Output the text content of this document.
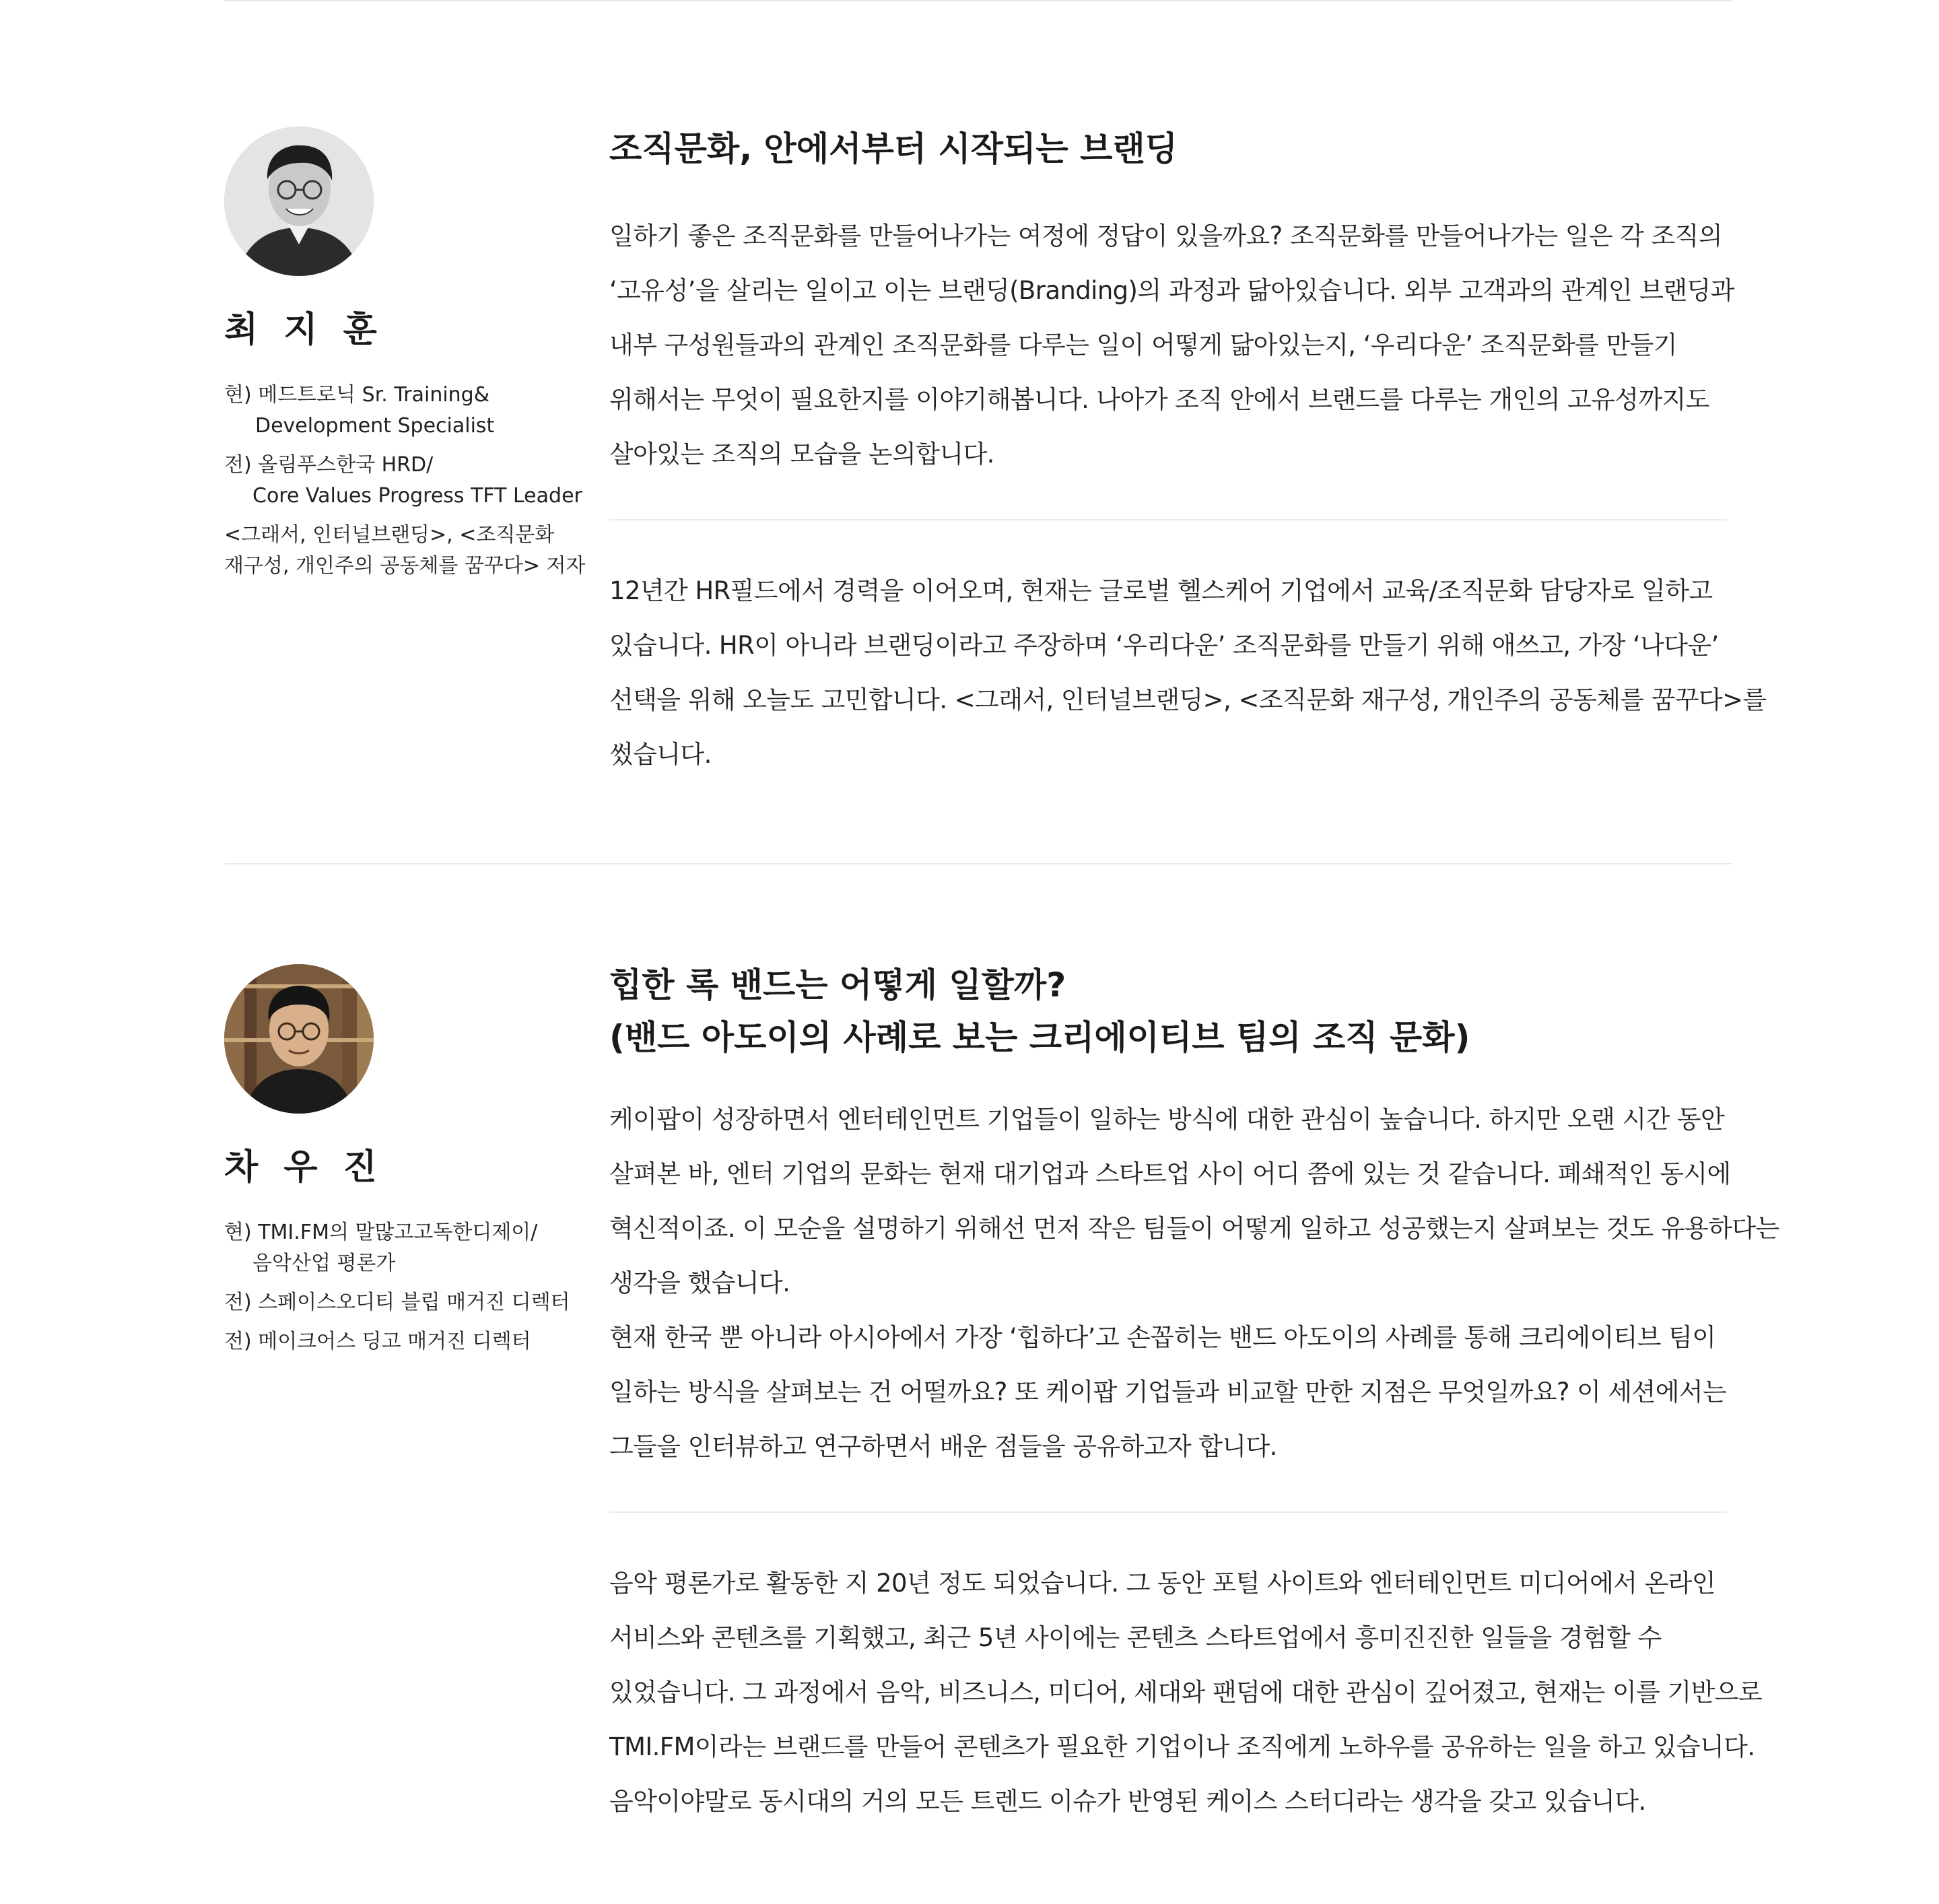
최 지 훈
현) 메드트로닉 Sr. Training&
Development Specialist
전) 올림푸스한국 HRD/
Core Values Progress TFT Leader
<그래서, 인터널브랜딩>, <조직문화
재구성, 개인주의 공동체를 꿈꾸다> 저자
조직문화, 안에서부터 시작되는 브랜딩
일하기 좋은 조직문화를 만들어나가는 여정에 정답이 있을까요? 조직문화를 만들어나가는 일은 각 조직의
‘고유성’을 살리는 일이고 이는 브랜딩(Branding)의 과정과 닮아있습니다. 외부 고객과의 관계인 브랜딩과
내부 구성원들과의 관계인 조직문화를 다루는 일이 어떻게 닮아있는지, ‘우리다운’ 조직문화를 만들기
위해서는 무엇이 필요한지를 이야기해봅니다. 나아가 조직 안에서 브랜드를 다루는 개인의 고유성까지도
살아있는 조직의 모습을 논의합니다.
12년간 HR필드에서 경력을 이어오며, 현재는 글로벌 헬스케어 기업에서 교육/조직문화 담당자로 일하고
있습니다. HR이 아니라 브랜딩이라고 주장하며 ‘우리다운’ 조직문화를 만들기 위해 애쓰고, 가장 ‘나다운’
선택을 위해 오늘도 고민합니다. <그래서, 인터널브랜딩>, <조직문화 재구성, 개인주의 공동체를 꿈꾸다>를
썼습니다.
차 우 진
현) TMI.FM의 말많고고독한디제이/
음악산업 평론가
전) 스페이스오디티 블립 매거진 디렉터
전) 메이크어스 딩고 매거진 디렉터
힙한 록 밴드는 어떻게 일할까?
(밴드 아도이의 사례로 보는 크리에이티브 팀의 조직 문화)
케이팝이 성장하면서 엔터테인먼트 기업들이 일하는 방식에 대한 관심이 높습니다. 하지만 오랜 시간 동안
살펴본 바, 엔터 기업의 문화는 현재 대기업과 스타트업 사이 어디 쯤에 있는 것 같습니다. 폐쇄적인 동시에
혁신적이죠. 이 모순을 설명하기 위해선 먼저 작은 팀들이 어떻게 일하고 성공했는지 살펴보는 것도 유용하다는
생각을 했습니다.
현재 한국 뿐 아니라 아시아에서 가장 ‘힙하다’고 손꼽히는 밴드 아도이의 사례를 통해 크리에이티브 팀이
일하는 방식을 살펴보는 건 어떨까요? 또 케이팝 기업들과 비교할 만한 지점은 무엇일까요? 이 세션에서는
그들을 인터뷰하고 연구하면서 배운 점들을 공유하고자 합니다.
음악 평론가로 활동한 지 20년 정도 되었습니다. 그 동안 포털 사이트와 엔터테인먼트 미디어에서 온라인
서비스와 콘텐츠를 기획했고, 최근 5년 사이에는 콘텐츠 스타트업에서 흥미진진한 일들을 경험할 수
있었습니다. 그 과정에서 음악, 비즈니스, 미디어, 세대와 팬덤에 대한 관심이 깊어졌고, 현재는 이를 기반으로
TMI.FM이라는 브랜드를 만들어 콘텐츠가 필요한 기업이나 조직에게 노하우를 공유하는 일을 하고 있습니다.
음악이야말로 동시대의 거의 모든 트렌드 이슈가 반영된 케이스 스터디라는 생각을 갖고 있습니다.
